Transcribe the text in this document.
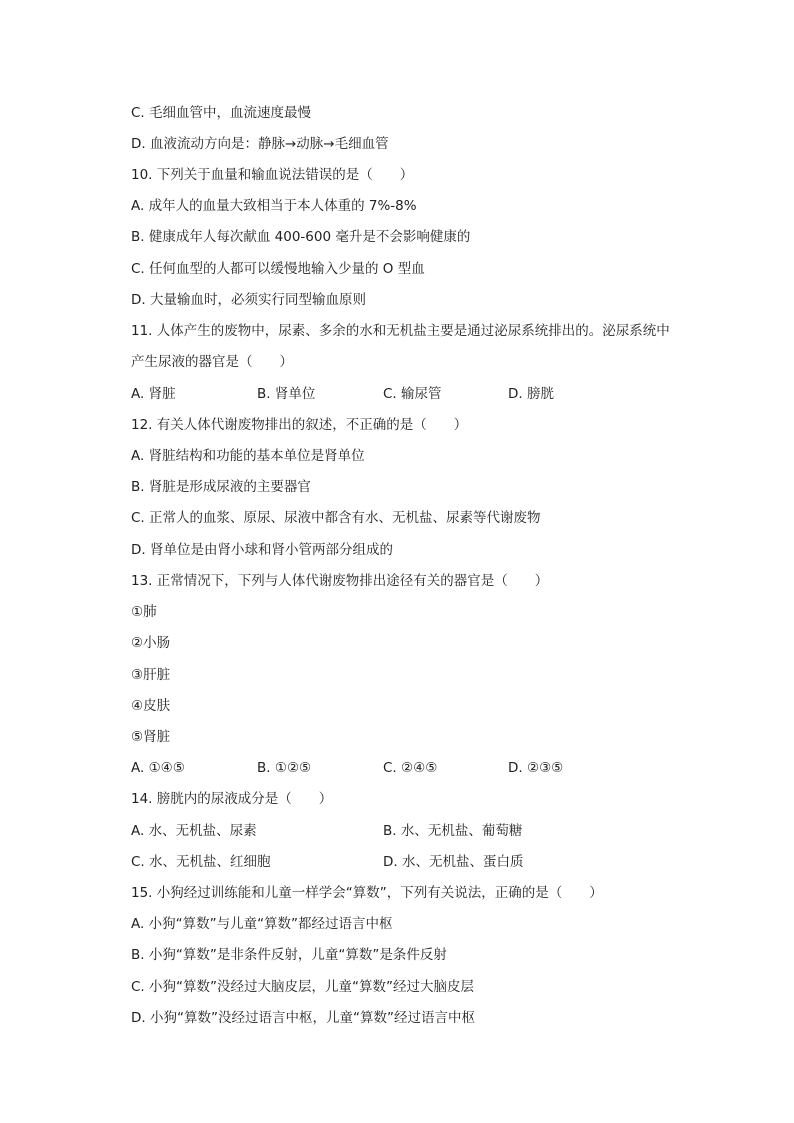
C. 毛细血管中，血流速度最慢
D. 血液流动方向是：静脉→动脉→毛细血管
10. 下列关于血量和输血说法错误的是（　　）
A. 成年人的血量大致相当于本人体重的 7%-8%
B. 健康成年人每次献血 400-600 毫升是不会影响健康的
C. 任何血型的人都可以缓慢地输入少量的 O 型血
D. 大量输血时，必须实行同型输血原则
11. 人体产生的废物中，尿素、多余的水和无机盐主要是通过泌尿系统排出的。泌尿系统中
产生尿液的器官是（　　）
A. 肾脏	B. 肾单位	C. 输尿管	D. 膀胱
12. 有关人体代谢废物排出的叙述，不正确的是（　　）
A. 肾脏结构和功能的基本单位是肾单位
B. 肾脏是形成尿液的主要器官
C. 正常人的血浆、原尿、尿液中都含有水、无机盐、尿素等代谢废物
D. 肾单位是由肾小球和肾小管两部分组成的
13. 正常情况下，下列与人体代谢废物排出途径有关的器官是（　　）
①肺
②小肠
③肝脏
④皮肤
⑤肾脏
A. ①④⑤	B. ①②⑤	C. ②④⑤	D. ②③⑤
14. 膀胱内的尿液成分是（　　）
A. 水、无机盐、尿素	B. 水、无机盐、葡萄糖
C. 水、无机盐、红细胞	D. 水、无机盐、蛋白质
15. 小狗经过训练能和儿童一样学会“算数”，下列有关说法，正确的是（　　）
A. 小狗“算数”与儿童“算数”都经过语言中枢
B. 小狗“算数”是非条件反射，儿童“算数”是条件反射
C. 小狗“算数”没经过大脑皮层，儿童“算数”经过大脑皮层
D. 小狗“算数”没经过语言中枢，儿童“算数”经过语言中枢
